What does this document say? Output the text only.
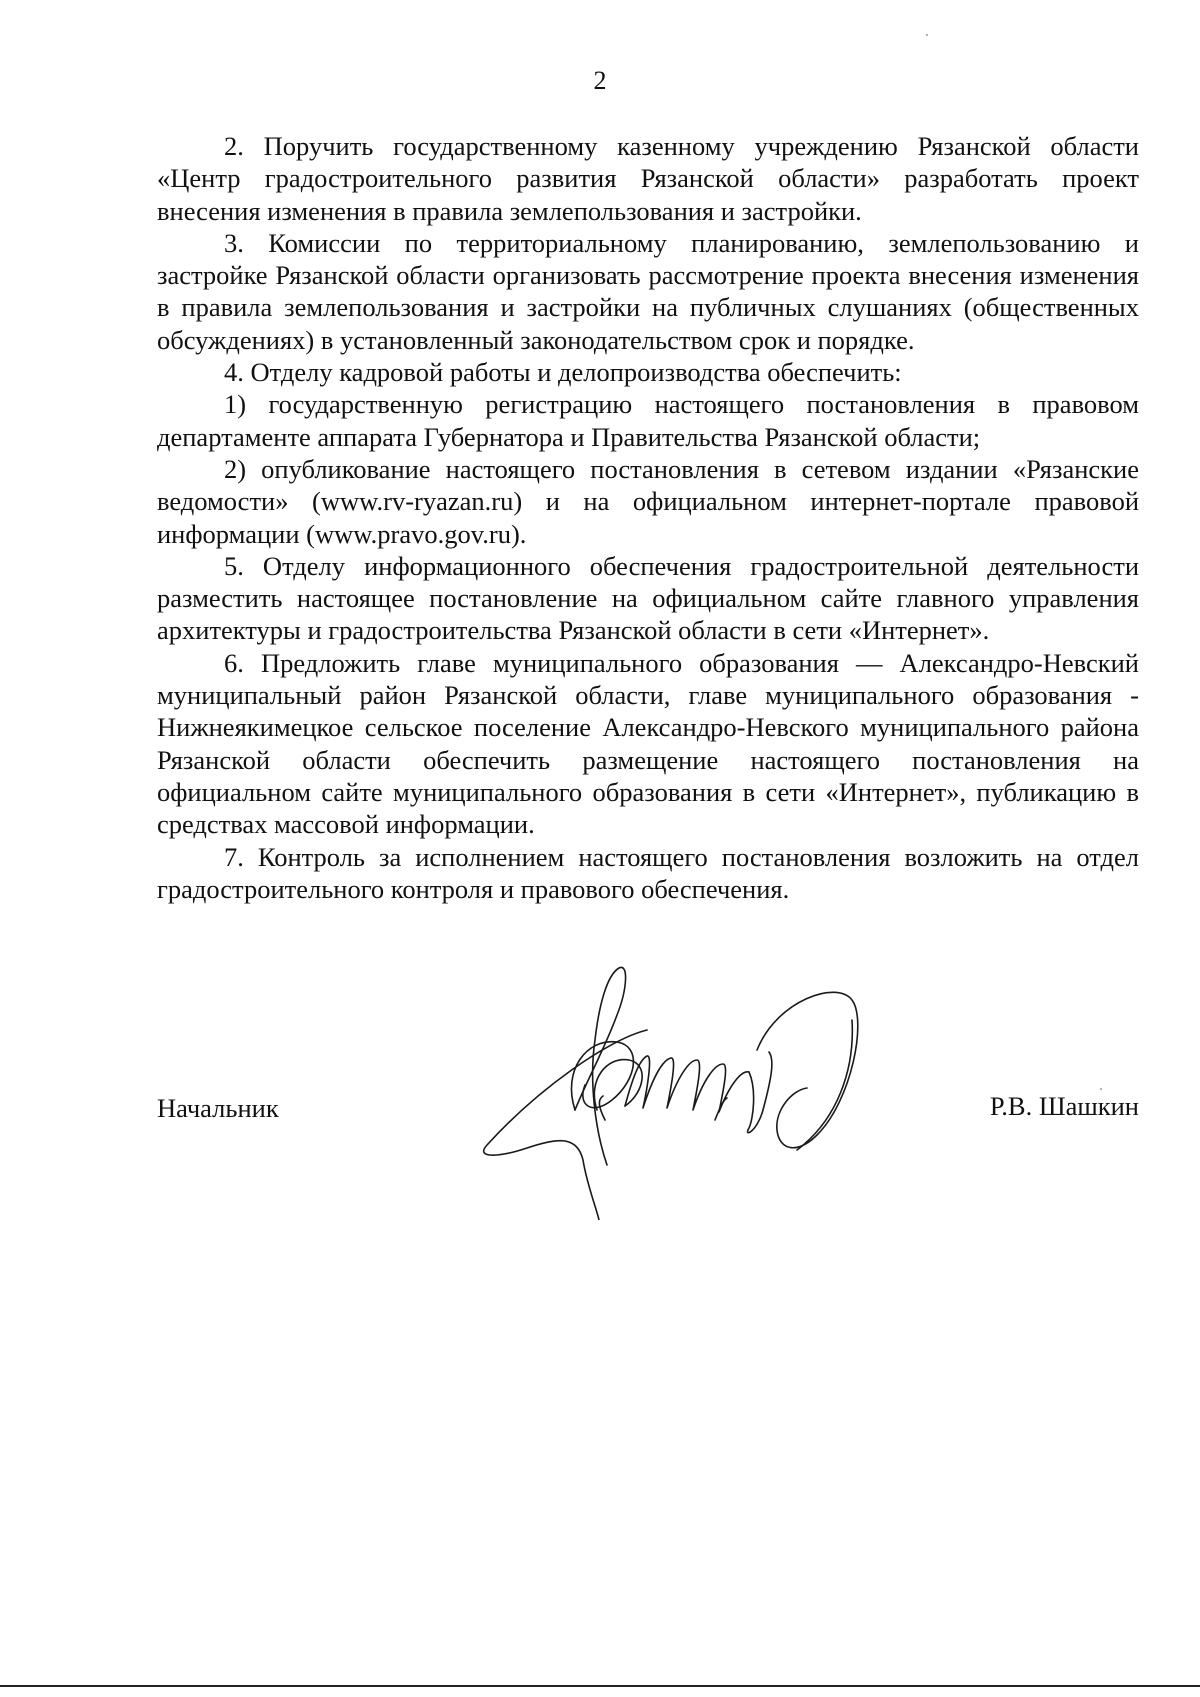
2

2. Поручить государственному казенному учреждению Рязанской области «Центр градостроительного развития Рязанской области» разработать проект внесения изменения в правила землепользования и застройки.

3. Комиссии по территориальному планированию, землепользованию и застройке Рязанской области организовать рассмотрение проекта внесения изменения в правила землепользования и застройки на публичных слушаниях (общественных обсуждениях) в установленный законодательством срок и порядке.

4. Отделу кадровой работы и делопроизводства обеспечить:

1) государственную регистрацию настоящего постановления в правовом департаменте аппарата Губернатора и Правительства Рязанской области;

2) опубликование настоящего постановления в сетевом издании «Рязанские ведомости» (www.rv-ryazan.ru) и на официальном интернет-портале правовой информации (www.pravo.gov.ru).

5. Отделу информационного обеспечения градостроительной деятельности разместить настоящее постановление на официальном сайте главного управления архитектуры и градостроительства Рязанской области в сети «Интернет».

6. Предложить главе муниципального образования — Александро-Невский муниципальный район Рязанской области, главе муниципального образования - Нижнеякимецкое сельское поселение Александро-Невского муниципального района Рязанской области обеспечить размещение настоящего постановления на официальном сайте муниципального образования в сети «Интернет», публикацию в средствах массовой информации.

7. Контроль за исполнением настоящего постановления возложить на отдел градостроительного контроля и правового обеспечения.

Начальник	Р.В. Шашкин
